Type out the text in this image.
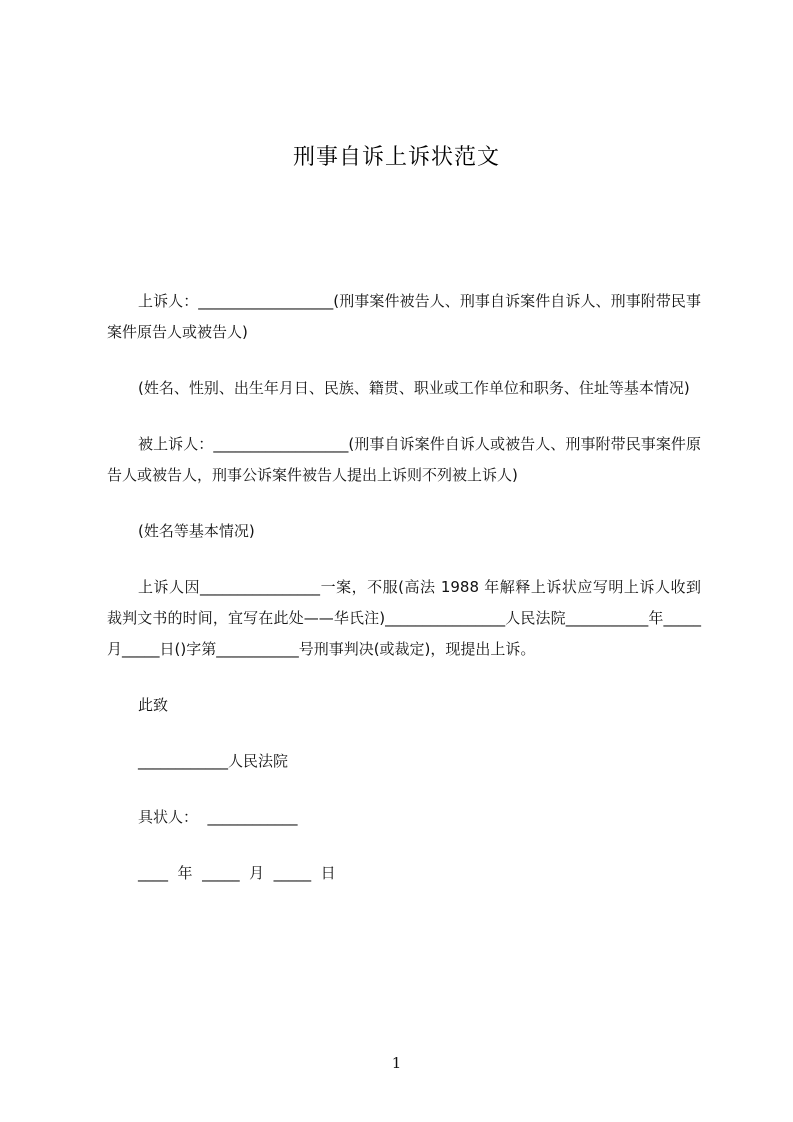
刑事自诉上诉状范文

上诉人：__________________(刑事案件被告人、刑事自诉案件自诉人、刑事附带民事案件原告人或被告人)

(姓名、性别、出生年月日、民族、籍贯、职业或工作单位和职务、住址等基本情况)

被上诉人：__________________(刑事自诉案件自诉人或被告人、刑事附带民事案件原告人或被告人，刑事公诉案件被告人提出上诉则不列被上诉人)

(姓名等基本情况)

上诉人因________________一案，不服(高法 1988 年解释上诉状应写明上诉人收到裁判文书的时间，宜写在此处——华氏注)________________人民法院___________年_____月_____日()字第___________号刑事判决(或裁定)，现提出上诉。

此致

____________人民法院

具状人：  ____________

____  年  _____  月  _____  日

1
